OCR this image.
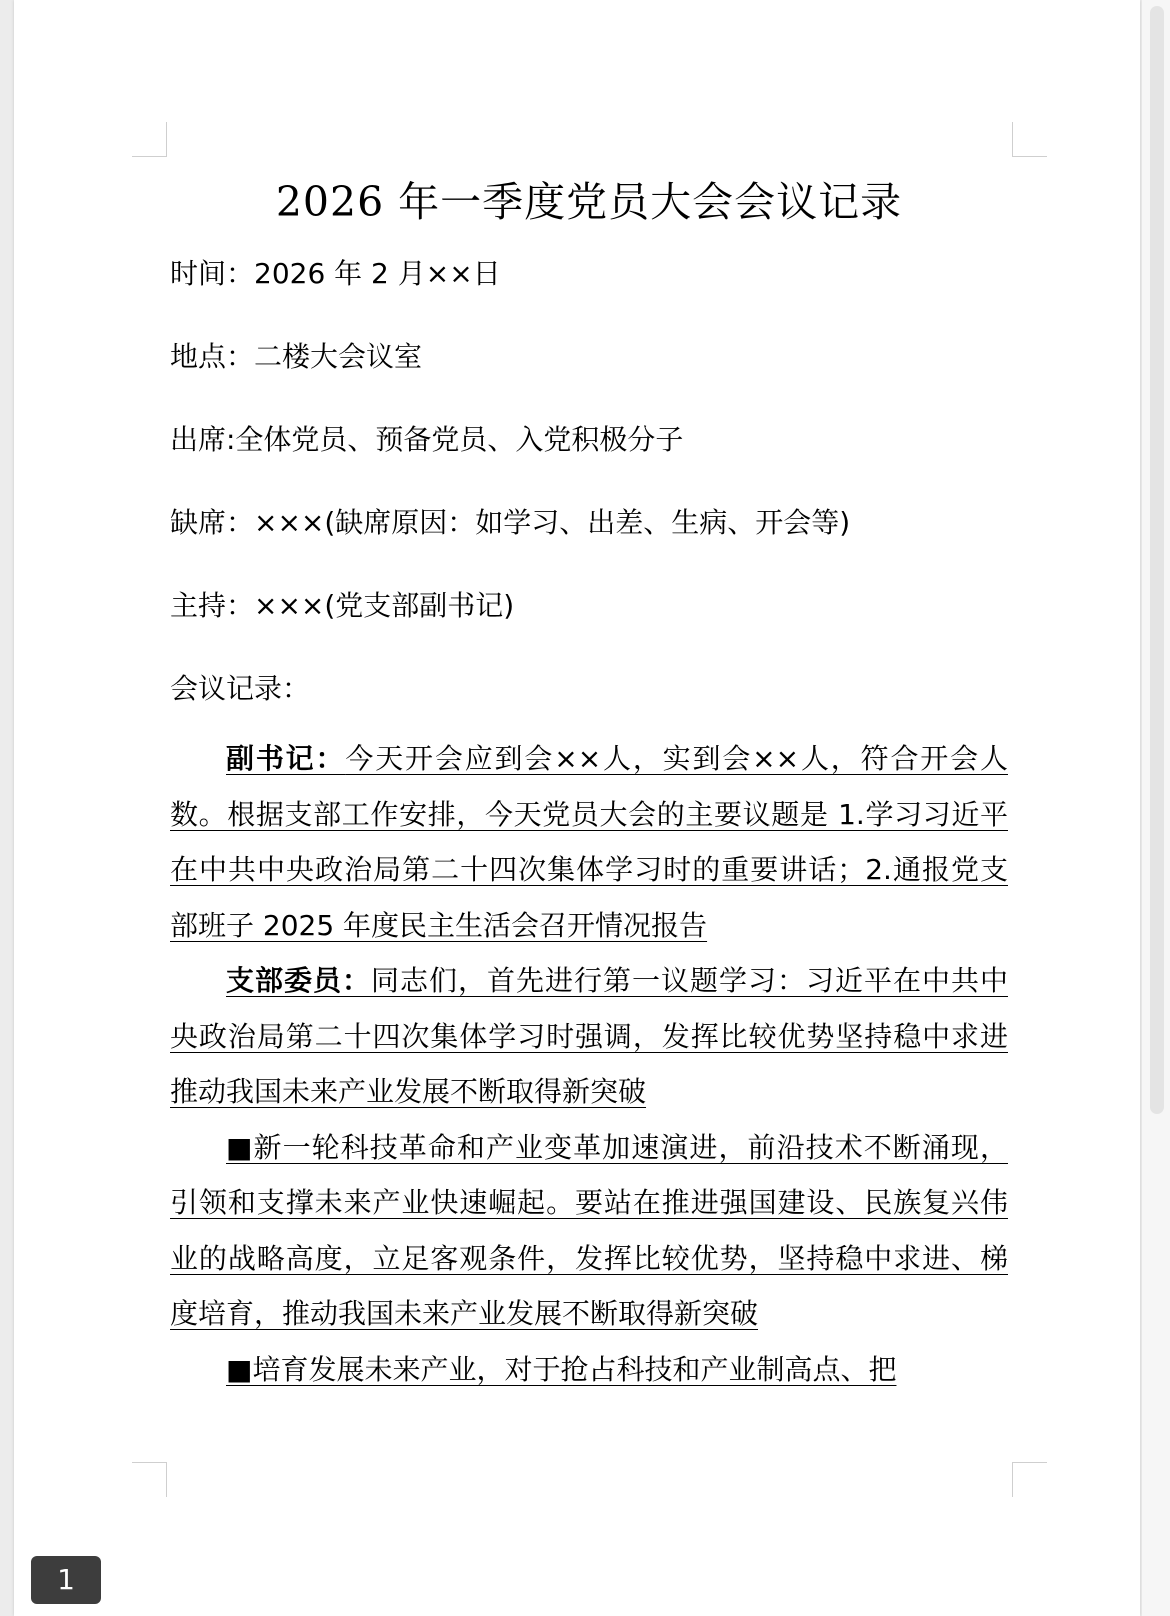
2026 年一季度党员大会会议记录

时间：2026 年 2 月××日

地点：二楼大会议室

出席:全体党员、预备党员、入党积极分子

缺席：×××(缺席原因：如学习、出差、生病、开会等)

主持：×××(党支部副书记)

会议记录：

副书记：今天开会应到会××人，实到会××人，符合开会人数。根据支部工作安排，今天党员大会的主要议题是 1.学习习近平在中共中央政治局第二十四次集体学习时的重要讲话；2.通报党支部班子 2025 年度民主生活会召开情况报告

支部委员：同志们，首先进行第一议题学习：习近平在中共中央政治局第二十四次集体学习时强调，发挥比较优势坚持稳中求进 推动我国未来产业发展不断取得新突破

■新一轮科技革命和产业变革加速演进，前沿技术不断涌现，引领和支撑未来产业快速崛起。要站在推进强国建设、民族复兴伟业的战略高度，立足客观条件，发挥比较优势，坚持稳中求进、梯度培育，推动我国未来产业发展不断取得新突破

■培育发展未来产业，对于抢占科技和产业制高点、把

1
